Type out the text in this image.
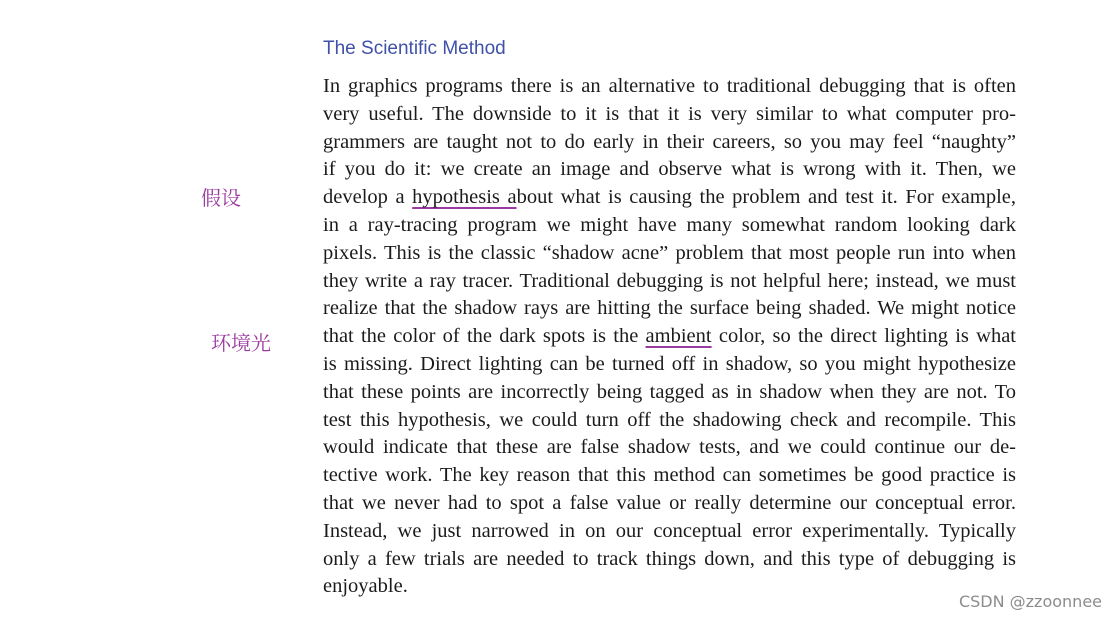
The Scientific Method
假设
环境光
In graphics programs there is an alternative to traditional debugging that is often
very useful. The downside to it is that it is very similar to what computer pro-
grammers are taught not to do early in their careers, so you may feel “naughty”
if you do it: we create an image and observe what is wrong with it. Then, we
develop a hypothesis about what is causing the problem and test it. For example,
in a ray-tracing program we might have many somewhat random looking dark
pixels. This is the classic “shadow acne” problem that most people run into when
they write a ray tracer. Traditional debugging is not helpful here; instead, we must
realize that the shadow rays are hitting the surface being shaded. We might notice
that the color of the dark spots is the ambient color, so the direct lighting is what
is missing. Direct lighting can be turned off in shadow, so you might hypothesize
that these points are incorrectly being tagged as in shadow when they are not. To
test this hypothesis, we could turn off the shadowing check and recompile. This
would indicate that these are false shadow tests, and we could continue our de-
tective work. The key reason that this method can sometimes be good practice is
that we never had to spot a false value or really determine our conceptual error.
Instead, we just narrowed in on our conceptual error experimentally. Typically
only a few trials are needed to track things down, and this type of debugging is
enjoyable.
CSDN @zzoonnee
